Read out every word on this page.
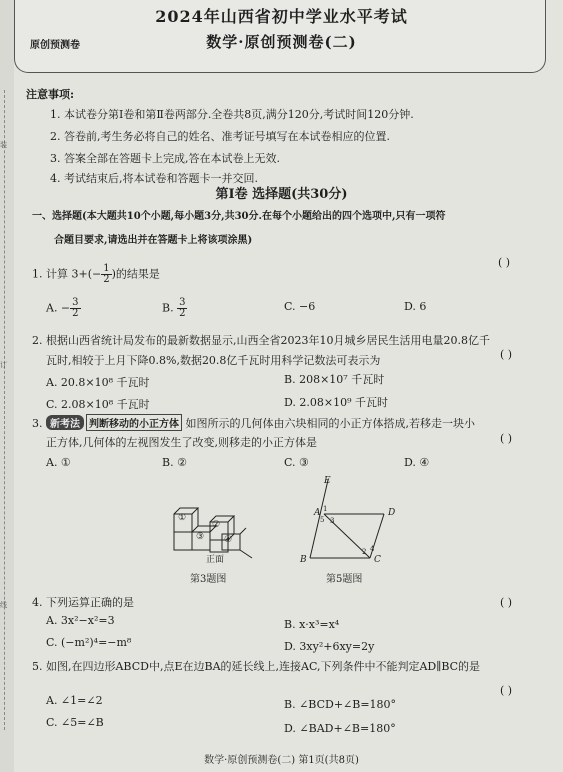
装
订
线
原创预测卷
2024年山西省初中学业水平考试
数学·原创预测卷(二)
注意事项:
1. 本试卷分第Ⅰ卷和第Ⅱ卷两部分.全卷共8页,满分120分,考试时间120分钟.
2. 答卷前,考生务必将自己的姓名、准考证号填写在本试卷相应的位置.
3. 答案全部在答题卡上完成,答在本试卷上无效.
4. 考试结束后,将本试卷和答题卡一并交回.
第Ⅰ卷 选择题(共30分)
一、选择题(本大题共10个小题,每小题3分,共30分.在每个小题给出的四个选项中,只有一项符
合题目要求,请选出并在答题卡上将该项涂黑)
1. 计算 $3+(- \frac{1}{2}$ )的结果是
( )
A. − $\frac{3}{2}$	B. $\frac{3}{2}$	C. −6	D. 6
2. 根据山西省统计局发布的最新数据显示,山西全省2023年10月城乡居民生活用电量20.8亿千
瓦时,相较于上月下降0.8%,数据20.8亿千瓦时用科学记数法可表示为	( )
A. 20.8×10⁸ 千瓦时	B. 208×10⁷ 千瓦时
C. 2.08×10⁸ 千瓦时	D. 2.08×10⁹ 千瓦时
3. 新考法 判断移动的小正方体 如图所示的几何体由六块相同的小正方体搭成,若移走一块小
正方体,几何体的左视图发生了改变,则移走的小正方体是	( )
A. ①	B. ②	C. ③	D. ④
①
②
③ ④
正面
第3题图
E
A	D
B	C
1
5 3
2 4
第5题图
4. 下列运算正确的是	( )
A. 3x²−x²=3	B. x·x³=x⁴
C. (−m²)⁴=−m⁸	D. 3xy²+6xy=2y
5. 如图,在四边形ABCD中,点E在边BA的延长线上,连接AC,下列条件中不能判定AD∥BC的是
( )
A. ∠1=∠2	B. ∠BCD+∠B=180°
C. ∠5=∠B	D. ∠BAD+∠B=180°
数学·原创预测卷(二) 第1页(共8页)
